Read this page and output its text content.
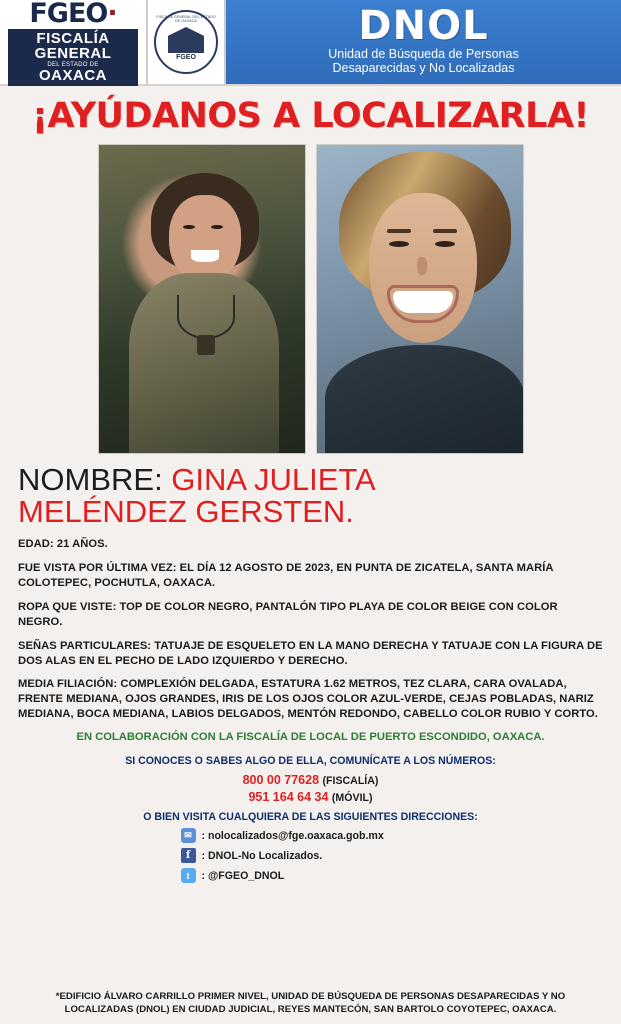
FGEO·
FISCALÍA
GENERAL
DEL ESTADO DE
OAXACA
FISCALÍA GENERAL DEL ESTADO DE OAXACA
FGEO
DNOL
Unidad de Búsqueda de Personas
Desaparecidas y No Localizadas
¡AYÚDANOS A LOCALIZARLA!
NOMBRE: GINA JULIETA
MELÉNDEZ GERSTEN.
EDAD: 21 AÑOS.
FUE VISTA POR ÚLTIMA VEZ: EL DÍA 12 AGOSTO DE 2023, EN PUNTA DE ZICATELA, SANTA MARÍA COLOTEPEC, POCHUTLA, OAXACA.
ROPA QUE VISTE: TOP DE COLOR NEGRO, PANTALÓN TIPO PLAYA DE COLOR BEIGE CON COLOR NEGRO.
SEÑAS PARTICULARES: TATUAJE DE ESQUELETO EN LA MANO DERECHA Y TATUAJE CON LA FIGURA DE DOS ALAS EN EL PECHO DE LADO IZQUIERDO Y DERECHO.
MEDIA FILIACIÓN: COMPLEXIÓN DELGADA, ESTATURA 1.62 METROS, TEZ CLARA, CARA OVALADA, FRENTE MEDIANA, OJOS GRANDES, IRIS DE LOS OJOS COLOR AZUL-VERDE, CEJAS POBLADAS, NARIZ MEDIANA, BOCA MEDIANA, LABIOS DELGADOS, MENTÓN REDONDO, CABELLO COLOR RUBIO Y CORTO.
EN COLABORACIÓN CON LA FISCALÍA DE LOCAL DE PUERTO ESCONDIDO, OAXACA.
SI CONOCES O SABES ALGO DE ELLA, COMUNÍCATE A LOS NÚMEROS:
800 00 77628 (FISCALÍA)
951 164 64 34 (MÓVIL)
O BIEN VISITA CUALQUIERA DE LAS SIGUIENTES DIRECCIONES:
✉ : nolocalizados@fge.oaxaca.gob.mx
f	: DNOL-No Localizados.
t	: @FGEO_DNOL
*EDIFICIO ÁLVARO CARRILLO PRIMER NIVEL, UNIDAD DE BÚSQUEDA DE PERSONAS DESAPARECIDAS Y NO LOCALIZADAS (DNOL) EN CIUDAD JUDICIAL, REYES MANTECÓN, SAN BARTOLO COYOTEPEC, OAXACA.
